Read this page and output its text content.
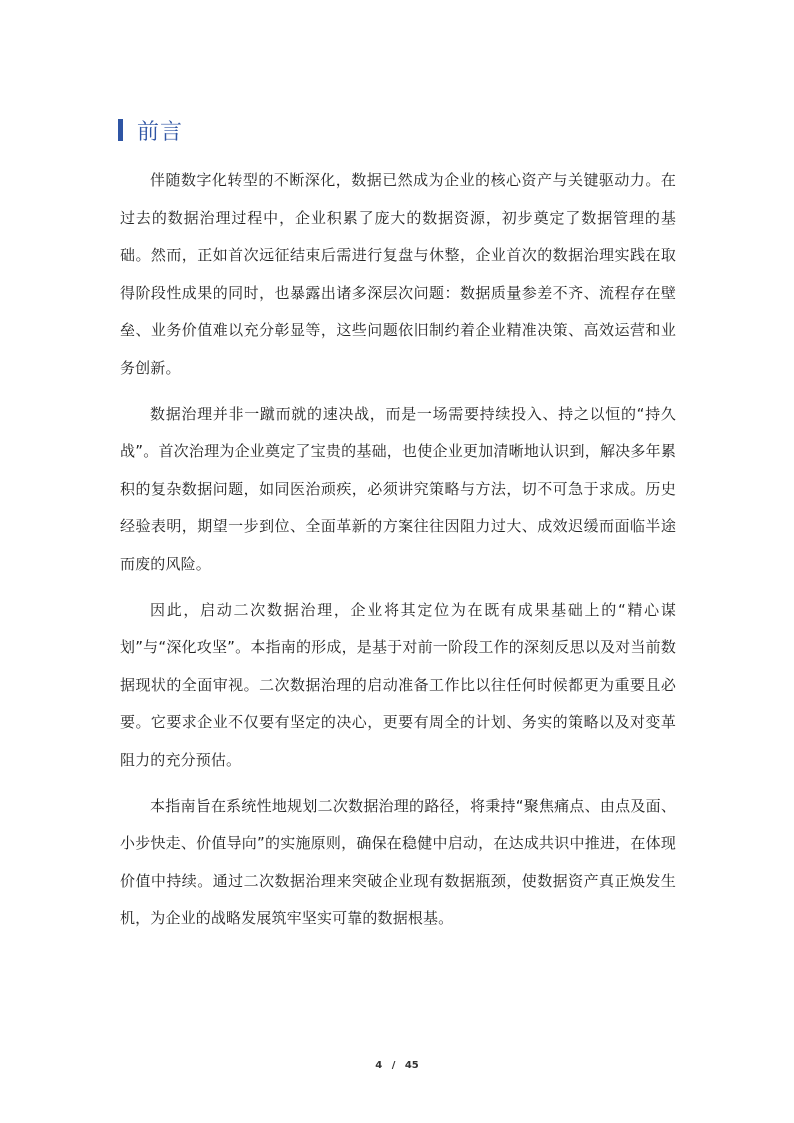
前言

伴随数字化转型的不断深化，数据已然成为企业的核心资产与关键驱动力。在过去的数据治理过程中，企业积累了庞大的数据资源，初步奠定了数据管理的基础。然而，正如首次远征结束后需进行复盘与休整，企业首次的数据治理实践在取得阶段性成果的同时，也暴露出诸多深层次问题：数据质量参差不齐、流程存在壁垒、业务价值难以充分彰显等，这些问题依旧制约着企业精准决策、高效运营和业务创新。

数据治理并非一蹴而就的速决战，而是一场需要持续投入、持之以恒的“持久战”。首次治理为企业奠定了宝贵的基础，也使企业更加清晰地认识到，解决多年累积的复杂数据问题，如同医治顽疾，必须讲究策略与方法，切不可急于求成。历史经验表明，期望一步到位、全面革新的方案往往因阻力过大、成效迟缓而面临半途而废的风险。

因此，启动二次数据治理，企业将其定位为在既有成果基础上的“精心谋划”与“深化攻坚”。本指南的形成，是基于对前一阶段工作的深刻反思以及对当前数据现状的全面审视。二次数据治理的启动准备工作比以往任何时候都更为重要且必要。它要求企业不仅要有坚定的决心，更要有周全的计划、务实的策略以及对变革阻力的充分预估。

本指南旨在系统性地规划二次数据治理的路径，将秉持“聚焦痛点、由点及面、小步快走、价值导向”的实施原则，确保在稳健中启动，在达成共识中推进，在体现价值中持续。通过二次数据治理来突破企业现有数据瓶颈，使数据资产真正焕发生机，为企业的战略发展筑牢坚实可靠的数据根基。

4 / 45
